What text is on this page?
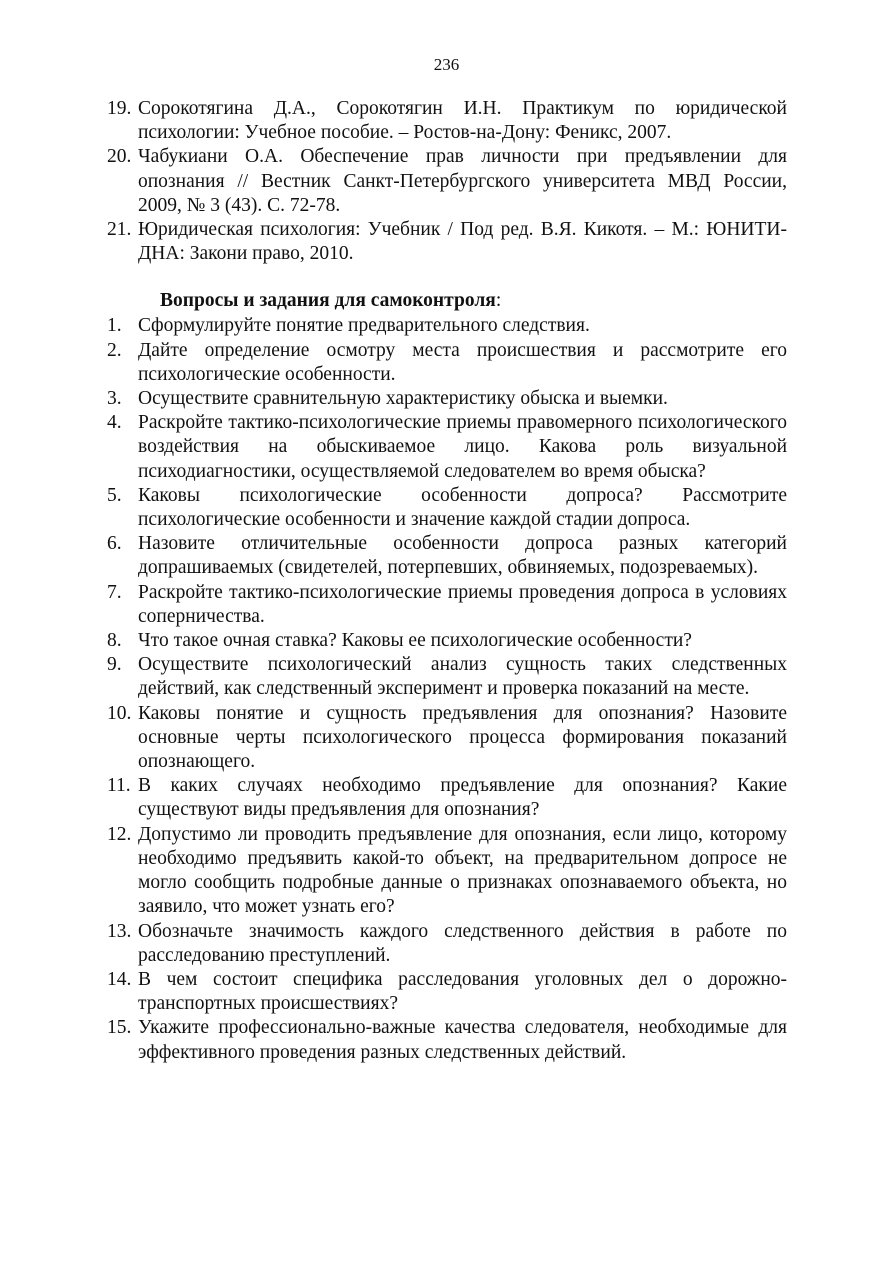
236
19. Сорокотягина Д.А., Сорокотягин И.Н. Практикум по юридической психологии: Учебное пособие. – Ростов-на-Дону: Феникс, 2007.
20. Чабукиани О.А. Обеспечение прав личности при предъявлении для опознания // Вестник Санкт-Петербургского университета МВД России, 2009, № 3 (43). С. 72-78.
21. Юридическая психология: Учебник / Под ред. В.Я. Кикотя. – М.: ЮНИТИ-ДНА: Закони право, 2010.
Вопросы и задания для самоконтроля:
1. Сформулируйте понятие предварительного следствия.
2. Дайте определение осмотру места происшествия и рассмотрите его психологические особенности.
3. Осуществите сравнительную характеристику обыска и выемки.
4. Раскройте тактико-психологические приемы правомерного психологического воздействия на обыскиваемое лицо. Какова роль визуальной психодиагностики, осуществляемой следователем во время обыска?
5. Каковы психологические особенности допроса? Рассмотрите психологические особенности и значение каждой стадии допроса.
6. Назовите отличительные особенности допроса разных категорий допрашиваемых (свидетелей, потерпевших, обвиняемых, подозреваемых).
7. Раскройте тактико-психологические приемы проведения допроса в условиях соперничества.
8. Что такое очная ставка? Каковы ее психологические особенности?
9. Осуществите психологический анализ сущность таких следственных действий, как следственный эксперимент и проверка показаний на месте.
10. Каковы понятие и сущность предъявления для опознания? Назовите основные черты психологического процесса формирования показаний опознающего.
11. В каких случаях необходимо предъявление для опознания? Какие существуют виды предъявления для опознания?
12. Допустимо ли проводить предъявление для опознания, если лицо, которому необходимо предъявить какой-то объект, на предварительном допросе не могло сообщить подробные данные о признаках опознаваемого объекта, но заявило, что может узнать его?
13. Обозначьте значимость каждого следственного действия в работе по расследованию преступлений.
14. В чем состоит специфика расследования уголовных дел о дорожно-транспортных происшествиях?
15. Укажите профессионально-важные качества следователя, необходимые для эффективного проведения разных следственных действий.
